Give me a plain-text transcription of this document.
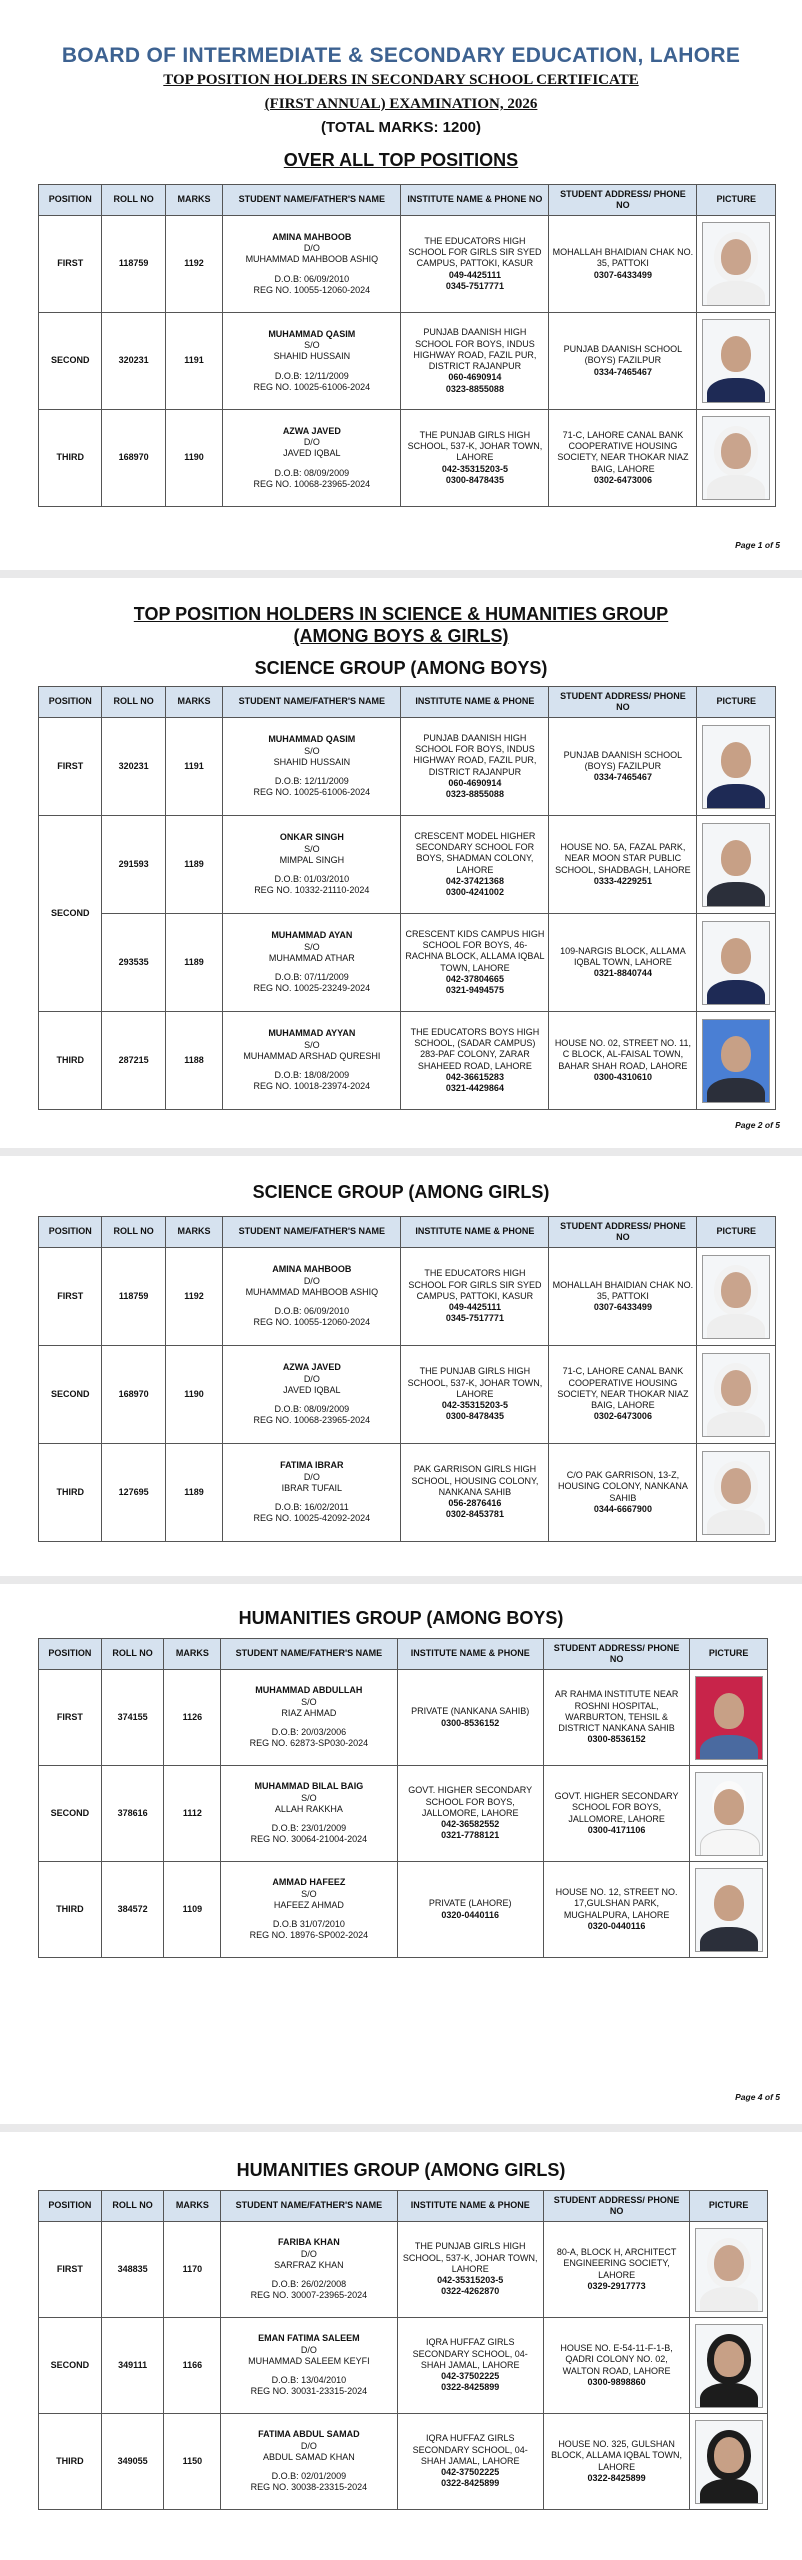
BOARD OF INTERMEDIATE & SECONDARY EDUCATION, LAHORE
TOP POSITION HOLDERS IN SECONDARY SCHOOL CERTIFICATE
(FIRST ANNUAL) EXAMINATION, 2026
(TOTAL MARKS: 1200)
OVER ALL TOP POSITIONS
POSITION	ROLL NO	MARKS	STUDENT NAME/FATHER'S NAME	INSTITUTE NAME & PHONE NO	STUDENT ADDRESS/ PHONE NO	PICTURE
FIRST	118759	1192	AMINA MAHBOOB
D/O
MUHAMMAD MAHBOOB ASHIQ
D.O.B: 06/09/2010
REG NO. 10055-12060-2024	THE EDUCATORS HIGH SCHOOL FOR GIRLS SIR SYED CAMPUS, PATTOKI, KASUR
049-4425111
0345-7517771	MOHALLAH BHAIDIAN CHAK NO. 35, PATTOKI
0307-6433499	

SECOND	320231	1191	MUHAMMAD QASIM
S/O
SHAHID HUSSAIN
D.O.B: 12/11/2009
REG NO. 10025-61006-2024	PUNJAB DAANISH HIGH SCHOOL FOR BOYS, INDUS HIGHWAY ROAD, FAZIL PUR, DISTRICT RAJANPUR
060-4690914
0323-8855088	PUNJAB DAANISH SCHOOL (BOYS) FAZILPUR
0334-7465467	

THIRD	168970	1190	AZWA JAVED
D/O
JAVED IQBAL
D.O.B: 08/09/2009
REG NO. 10068-23965-2024	THE PUNJAB GIRLS HIGH SCHOOL, 537-K, JOHAR TOWN, LAHORE
042-35315203-5
0300-8478435	71-C, LAHORE CANAL BANK COOPERATIVE HOUSING SOCIETY, NEAR THOKAR NIAZ BAIG, LAHORE
0302-6473006	

Page 1 of 5
TOP POSITION HOLDERS IN SCIENCE & HUMANITIES GROUP
(AMONG BOYS & GIRLS)
SCIENCE GROUP (AMONG BOYS)
POSITION	ROLL NO	MARKS	STUDENT NAME/FATHER'S NAME	INSTITUTE NAME & PHONE	STUDENT ADDRESS/ PHONE NO	PICTURE
FIRST	320231	1191	MUHAMMAD QASIM
S/O
SHAHID HUSSAIN
D.O.B: 12/11/2009
REG NO. 10025-61006-2024	PUNJAB DAANISH HIGH SCHOOL FOR BOYS, INDUS HIGHWAY ROAD, FAZIL PUR, DISTRICT RAJANPUR
060-4690914
0323-8855088	PUNJAB DAANISH SCHOOL (BOYS) FAZILPUR
0334-7465467	

SECOND	291593	1189	ONKAR SINGH
S/O
MIMPAL SINGH
D.O.B: 01/03/2010
REG NO. 10332-21110-2024	CRESCENT MODEL HIGHER SECONDARY SCHOOL FOR BOYS, SHADMAN COLONY, LAHORE
042-37421368
0300-4241002	HOUSE NO. 5A, FAZAL PARK, NEAR MOON STAR PUBLIC SCHOOL, SHADBAGH, LAHORE
0333-4229251	

	293535	1189	MUHAMMAD AYAN
S/O
MUHAMMAD ATHAR
D.O.B: 07/11/2009
REG NO. 10025-23249-2024	CRESCENT KIDS CAMPUS HIGH SCHOOL FOR BOYS, 46-RACHNA BLOCK, ALLAMA IQBAL TOWN, LAHORE
042-37804665
0321-9494575	109-NARGIS BLOCK, ALLAMA IQBAL TOWN, LAHORE
0321-8840744	

THIRD	287215	1188	MUHAMMAD AYYAN
S/O
MUHAMMAD ARSHAD QURESHI
D.O.B: 18/08/2009
REG NO. 10018-23974-2024	THE EDUCATORS BOYS HIGH SCHOOL, (SADAR CAMPUS) 283-PAF COLONY, ZARAR SHAHEED ROAD, LAHORE
042-36615283
0321-4429864	HOUSE NO. 02, STREET NO. 11, C BLOCK, AL-FAISAL TOWN, BAHAR SHAH ROAD, LAHORE
0300-4310610	

Page 2 of 5
SCIENCE GROUP (AMONG GIRLS)
POSITION	ROLL NO	MARKS	STUDENT NAME/FATHER'S NAME	INSTITUTE NAME & PHONE	STUDENT ADDRESS/ PHONE NO	PICTURE
FIRST	118759	1192	AMINA MAHBOOB
D/O
MUHAMMAD MAHBOOB ASHIQ
D.O.B: 06/09/2010
REG NO. 10055-12060-2024	THE EDUCATORS HIGH SCHOOL FOR GIRLS SIR SYED CAMPUS, PATTOKI, KASUR
049-4425111
0345-7517771	MOHALLAH BHAIDIAN CHAK NO. 35, PATTOKI
0307-6433499	

SECOND	168970	1190	AZWA JAVED
D/O
JAVED IQBAL
D.O.B: 08/09/2009
REG NO. 10068-23965-2024	THE PUNJAB GIRLS HIGH SCHOOL, 537-K, JOHAR TOWN, LAHORE
042-35315203-5
0300-8478435	71-C, LAHORE CANAL BANK COOPERATIVE HOUSING SOCIETY, NEAR THOKAR NIAZ BAIG, LAHORE
0302-6473006	

THIRD	127695	1189	FATIMA IBRAR
D/O
IBRAR TUFAIL
D.O.B: 16/02/2011
REG NO. 10025-42092-2024	PAK GARRISON GIRLS HIGH SCHOOL, HOUSING COLONY, NANKANA SAHIB
056-2876416
0302-8453781	C/O PAK GARRISON, 13-Z, HOUSING COLONY, NANKANA SAHIB
0344-6667900	

HUMANITIES GROUP (AMONG BOYS)
POSITION	ROLL NO	MARKS	STUDENT NAME/FATHER'S NAME	INSTITUTE NAME & PHONE	STUDENT ADDRESS/ PHONE NO	PICTURE
FIRST	374155	1126	MUHAMMAD ABDULLAH
S/O
RIAZ AHMAD
D.O.B: 20/03/2006
REG NO. 62873-SP030-2024	PRIVATE (NANKANA SAHIB)
0300-8536152	AR RAHMA INSTITUTE NEAR ROSHNI HOSPITAL, WARBURTON, TEHSIL & DISTRICT NANKANA SAHIB
0300-8536152	

SECOND	378616	1112	MUHAMMAD BILAL BAIG
S/O
ALLAH RAKKHA
D.O.B: 23/01/2009
REG NO. 30064-21004-2024	GOVT. HIGHER SECONDARY SCHOOL FOR BOYS, JALLOMORE, LAHORE
042-36582552
0321-7788121	GOVT. HIGHER SECONDARY SCHOOL FOR BOYS, JALLOMORE, LAHORE
0300-4171106	

THIRD	384572	1109	AMMAD HAFEEZ
S/O
HAFEEZ AHMAD
D.O.B 31/07/2010
REG NO. 18976-SP002-2024	PRIVATE (LAHORE)
0320-0440116	HOUSE NO. 12, STREET NO. 17,GULSHAN PARK, MUGHALPURA, LAHORE
0320-0440116	

Page 4 of 5
HUMANITIES GROUP (AMONG GIRLS)
POSITION	ROLL NO	MARKS	STUDENT NAME/FATHER'S NAME	INSTITUTE NAME & PHONE	STUDENT ADDRESS/ PHONE NO	PICTURE
FIRST	348835	1170	FARIBA KHAN
D/O
SARFRAZ KHAN
D.O.B: 26/02/2008
REG NO. 30007-23965-2024	THE PUNJAB GIRLS HIGH SCHOOL, 537-K, JOHAR TOWN, LAHORE
042-35315203-5
0322-4262870	80-A, BLOCK H, ARCHITECT ENGINEERING SOCIETY, LAHORE
0329-2917773	

SECOND	349111	1166	EMAN FATIMA SALEEM
D/O
MUHAMMAD SALEEM KEYFI
D.O.B: 13/04/2010
REG NO. 30031-23315-2024	IQRA HUFFAZ GIRLS SECONDARY SCHOOL, 04-SHAH JAMAL, LAHORE
042-37502225
0322-8425899	HOUSE NO. E-54-11-F-1-B, QADRI COLONY NO. 02, WALTON ROAD, LAHORE
0300-9898860	

THIRD	349055	1150	FATIMA ABDUL SAMAD
D/O
ABDUL SAMAD KHAN
D.O.B: 02/01/2009
REG NO. 30038-23315-2024	IQRA HUFFAZ GIRLS SECONDARY SCHOOL, 04-SHAH JAMAL, LAHORE
042-37502225
0322-8425899	HOUSE NO. 325, GULSHAN BLOCK, ALLAMA IQBAL TOWN, LAHORE
0322-8425899	
